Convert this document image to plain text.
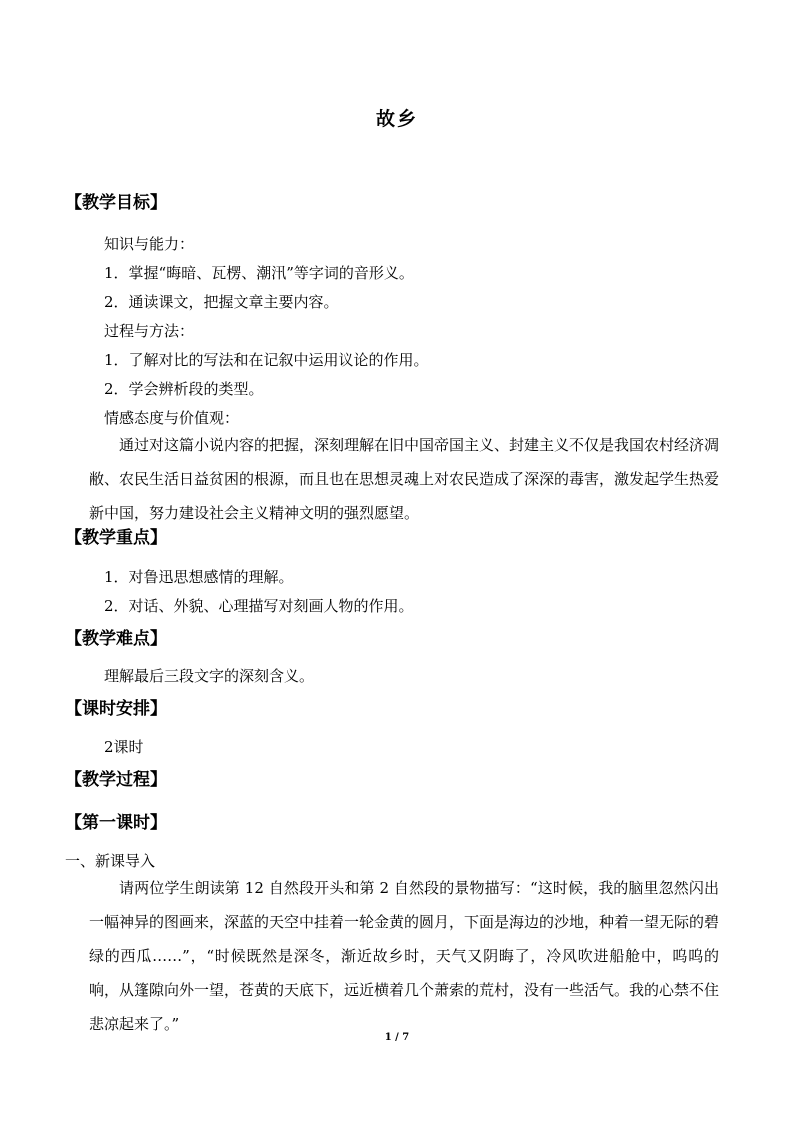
故乡
【教学目标】
知识与能力：
1．掌握“晦暗、瓦楞、潮汛”等字词的音形义。
2．通读课文，把握文章主要内容。
过程与方法：
1．了解对比的写法和在记叙中运用议论的作用。
2．学会辨析段的类型。
情感态度与价值观：
通过对这篇小说内容的把握，深刻理解在旧中国帝国主义、封建主义不仅是我国农村经济凋敝、农民生活日益贫困的根源，而且也在思想灵魂上对农民造成了深深的毒害，激发起学生热爱新中国，努力建设社会主义精神文明的强烈愿望。
【教学重点】
1．对鲁迅思想感情的理解。
2．对话、外貌、心理描写对刻画人物的作用。
【教学难点】
理解最后三段文字的深刻含义。
【课时安排】
2课时
【教学过程】
【第一课时】
一、新课导入
请两位学生朗读第 12 自然段开头和第 2 自然段的景物描写：“这时候，我的脑里忽然闪出一幅神异的图画来，深蓝的天空中挂着一轮金黄的圆月，下面是海边的沙地，种着一望无际的碧绿的西瓜……”，“时候既然是深冬，渐近故乡时，天气又阴晦了，冷风吹进船舱中，呜呜的响，从篷隙向外一望，苍黄的天底下，远近横着几个萧索的荒村，没有一些活气。我的心禁不住悲凉起来了。”
1 / 7
